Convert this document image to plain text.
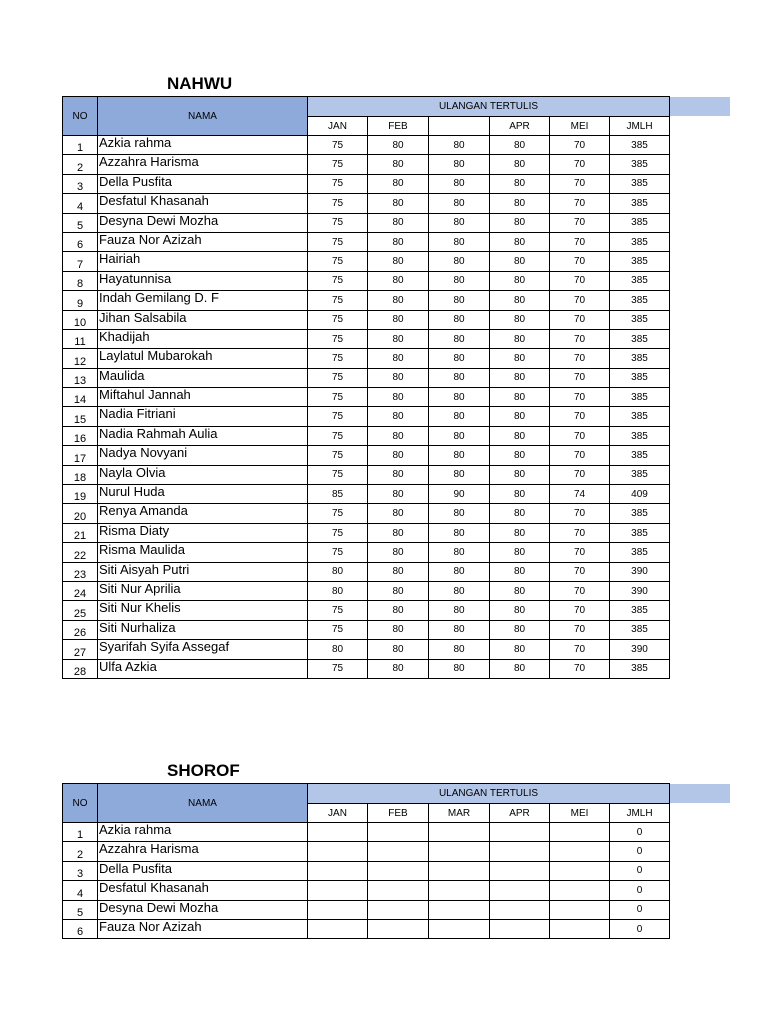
NAHWU
NO	NAMA	ULANGAN TERTULIS					
		JAN	FEB		APR	MEI	JMLH
1	Azkia rahma	75	80	80	80	70	385
2	Azzahra Harisma	75	80	80	80	70	385
3	Della Pusfita	75	80	80	80	70	385
4	Desfatul Khasanah	75	80	80	80	70	385
5	Desyna Dewi Mozha	75	80	80	80	70	385
6	Fauza Nor Azizah	75	80	80	80	70	385
7	Hairiah	75	80	80	80	70	385
8	Hayatunnisa	75	80	80	80	70	385
9	Indah Gemilang D. F	75	80	80	80	70	385
10	Jihan Salsabila	75	80	80	80	70	385
11	Khadijah	75	80	80	80	70	385
12	Laylatul Mubarokah	75	80	80	80	70	385
13	Maulida	75	80	80	80	70	385
14	Miftahul Jannah	75	80	80	80	70	385
15	Nadia Fitriani	75	80	80	80	70	385
16	Nadia Rahmah Aulia	75	80	80	80	70	385
17	Nadya Novyani	75	80	80	80	70	385
18	Nayla Olvia	75	80	80	80	70	385
19	Nurul Huda	85	80	90	80	74	409
20	Renya Amanda	75	80	80	80	70	385
21	Risma Diaty	75	80	80	80	70	385
22	Risma Maulida	75	80	80	80	70	385
23	Siti Aisyah Putri	80	80	80	80	70	390
24	Siti Nur Aprilia	80	80	80	80	70	390
25	Siti Nur Khelis	75	80	80	80	70	385
26	Siti Nurhaliza	75	80	80	80	70	385
27	Syarifah Syifa Assegaf	80	80	80	80	70	390
28	Ulfa Azkia	75	80	80	80	70	385
SHOROF
NO	NAMA	ULANGAN TERTULIS					
		JAN	FEB	MAR	APR	MEI	JMLH
1	Azkia rahma						0
2	Azzahra Harisma						0
3	Della Pusfita						0
4	Desfatul Khasanah						0
5	Desyna Dewi Mozha						0
6	Fauza Nor Azizah						0
